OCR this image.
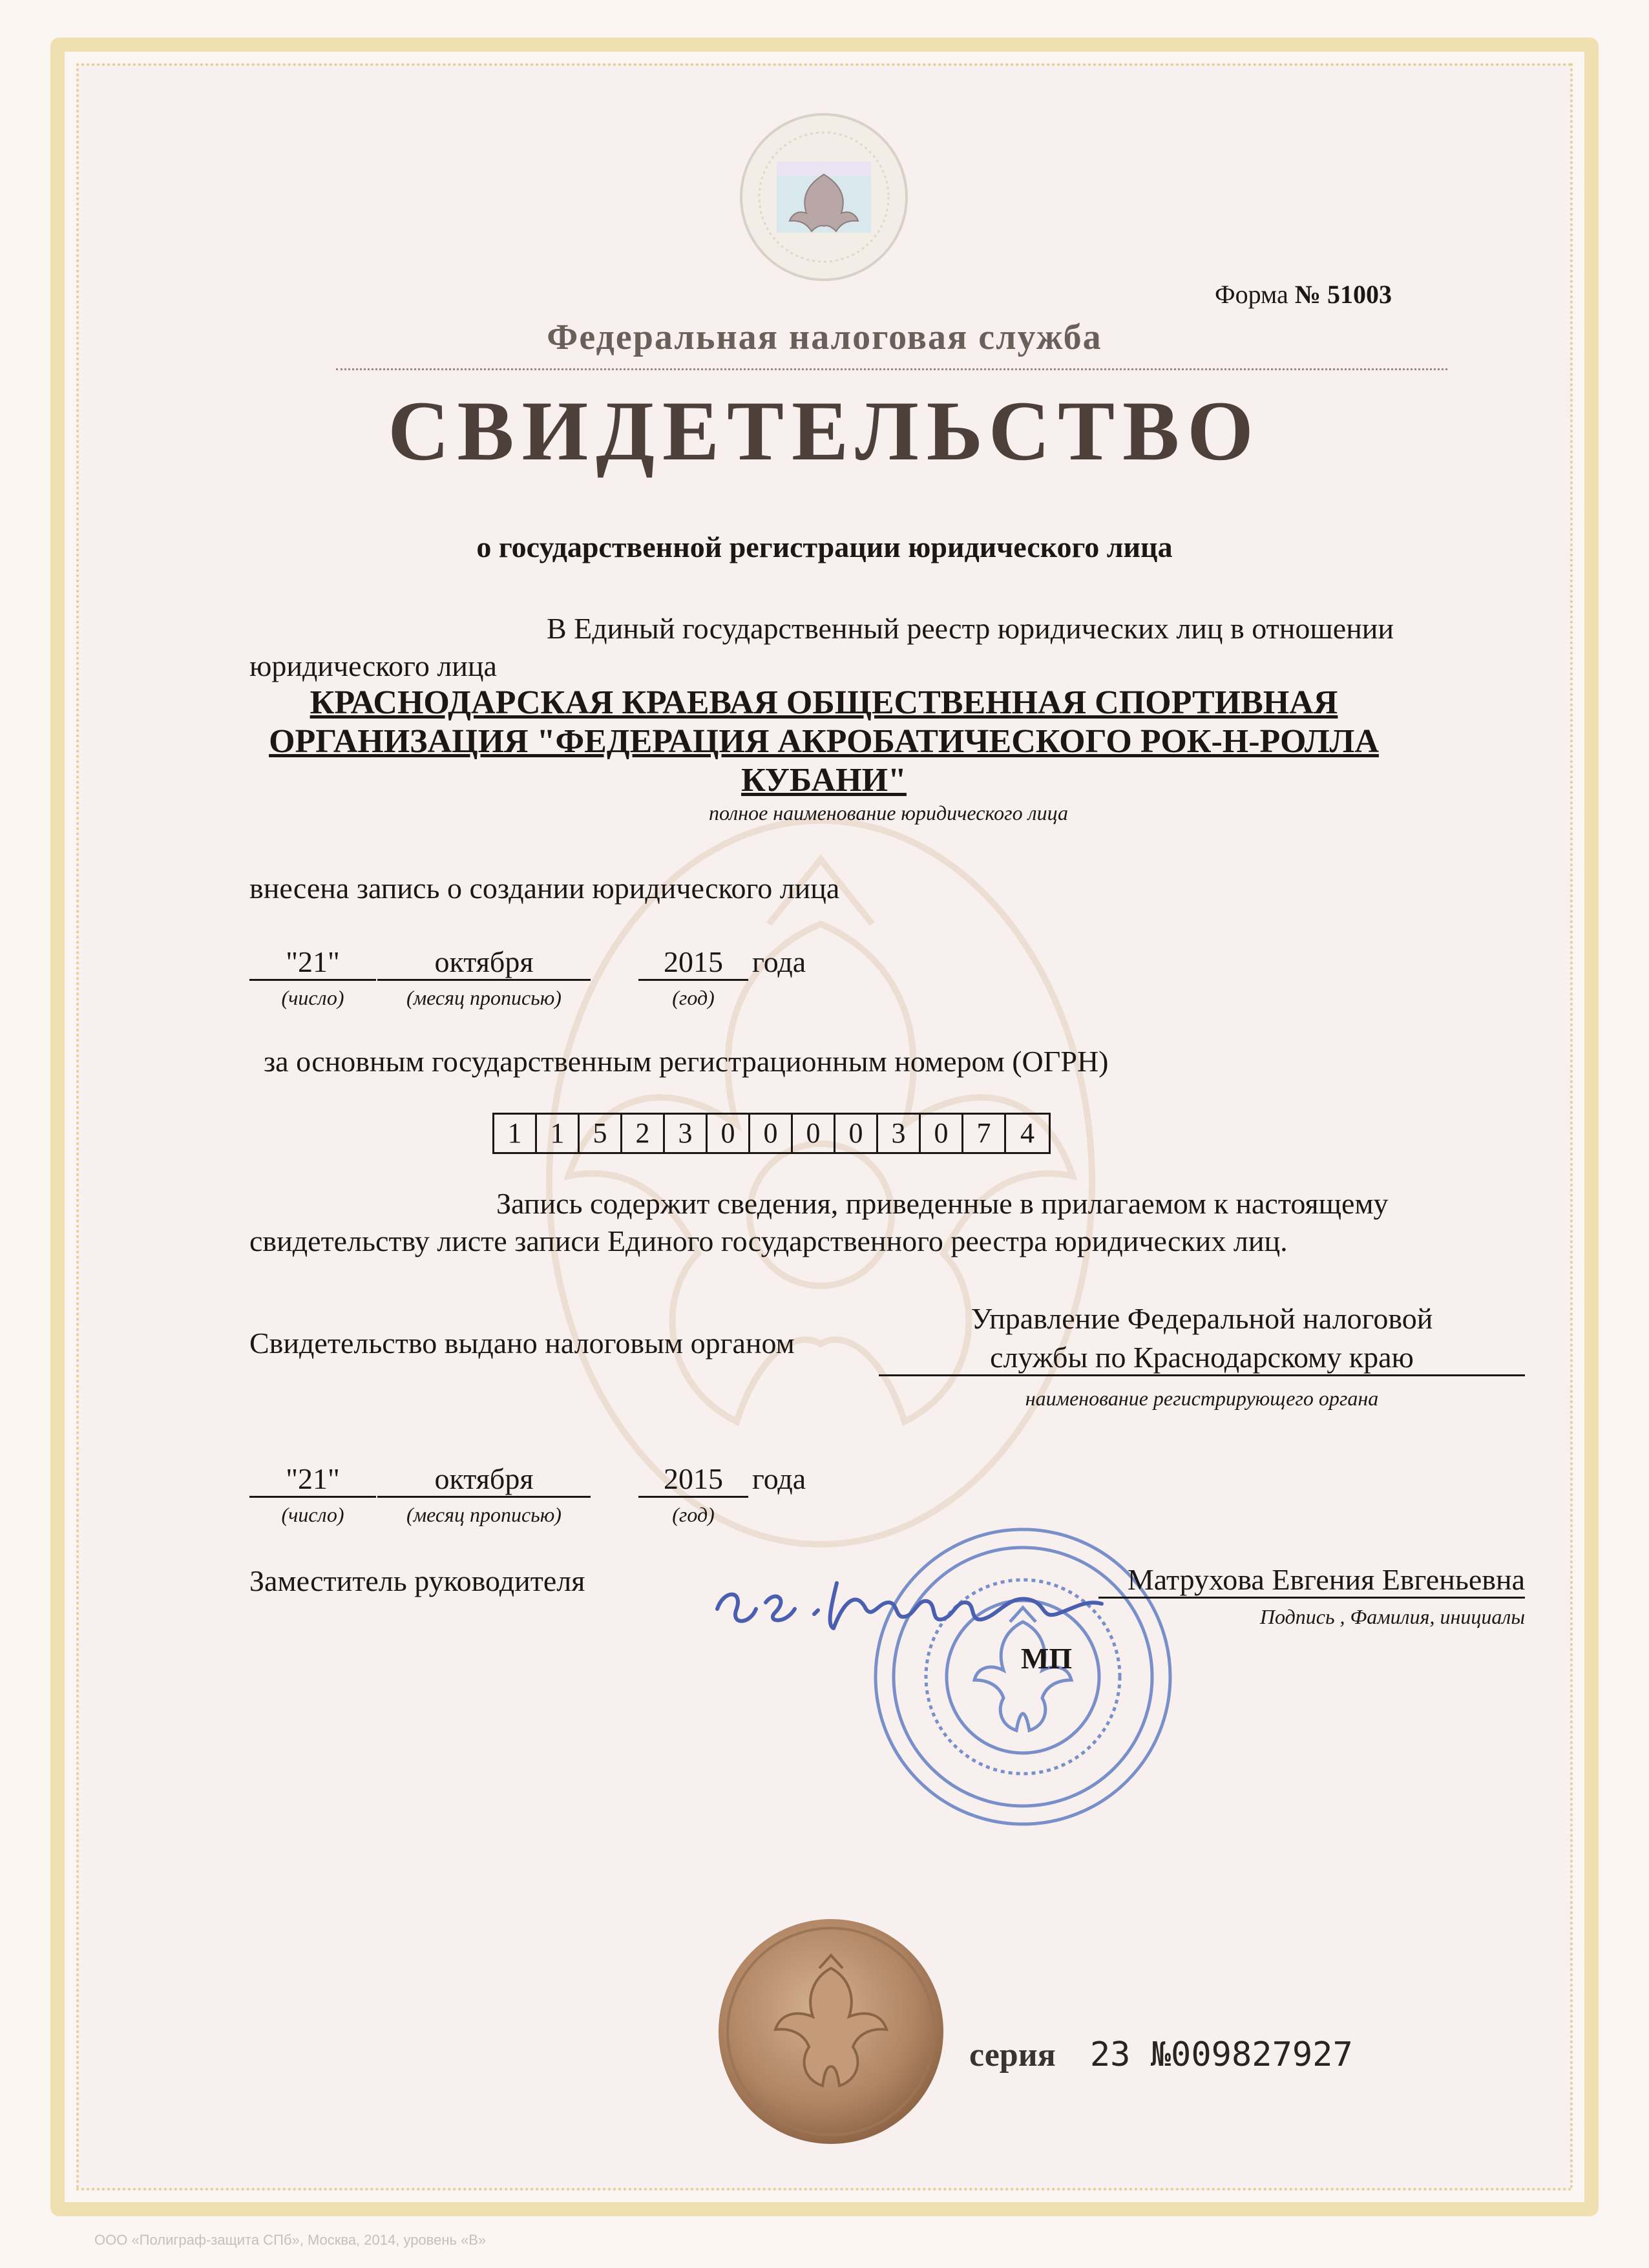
Форма № 51003
Федеральная налоговая служба
СВИДЕТЕЛЬСТВО
о государственной регистрации юридического лица
В Единый государственный реестр юридических лиц в отношении
юридического лица
КРАСНОДАРСКАЯ КРАЕВАЯ ОБЩЕСТВЕННАЯ СПОРТИВНАЯ ОРГАНИЗАЦИЯ "ФЕДЕРАЦИЯ АКРОБАТИЧЕСКОГО РОК-Н-РОЛЛА КУБАНИ"
полное наименование юридического лица
внесена запись о создании юридического лица
"21"	октября	2015 года
(число)	(месяц прописью)	(год)
за основным государственным регистрационным номером (ОГРН)
1	1	5	2	3	0	0	0	0	3	0	7	4
Запись содержит сведения, приведенные в прилагаемом к настоящему
свидетельству листе записи Единого государственного реестра юридических лиц.
Свидетельство выдано налоговым органом
Управление Федеральной налоговой
службы по Краснодарскому краю
наименование регистрирующего органа
"21"	октября	2015 года
(число)	(месяц прописью)	(год)
Заместитель руководителя	Матрухова Евгения Евгеньевна
Подпись , Фамилия, инициалы
МП
серия 23 №009827927
ООО «Полиграф-защита СПб», Москва, 2014, уровень «В»
